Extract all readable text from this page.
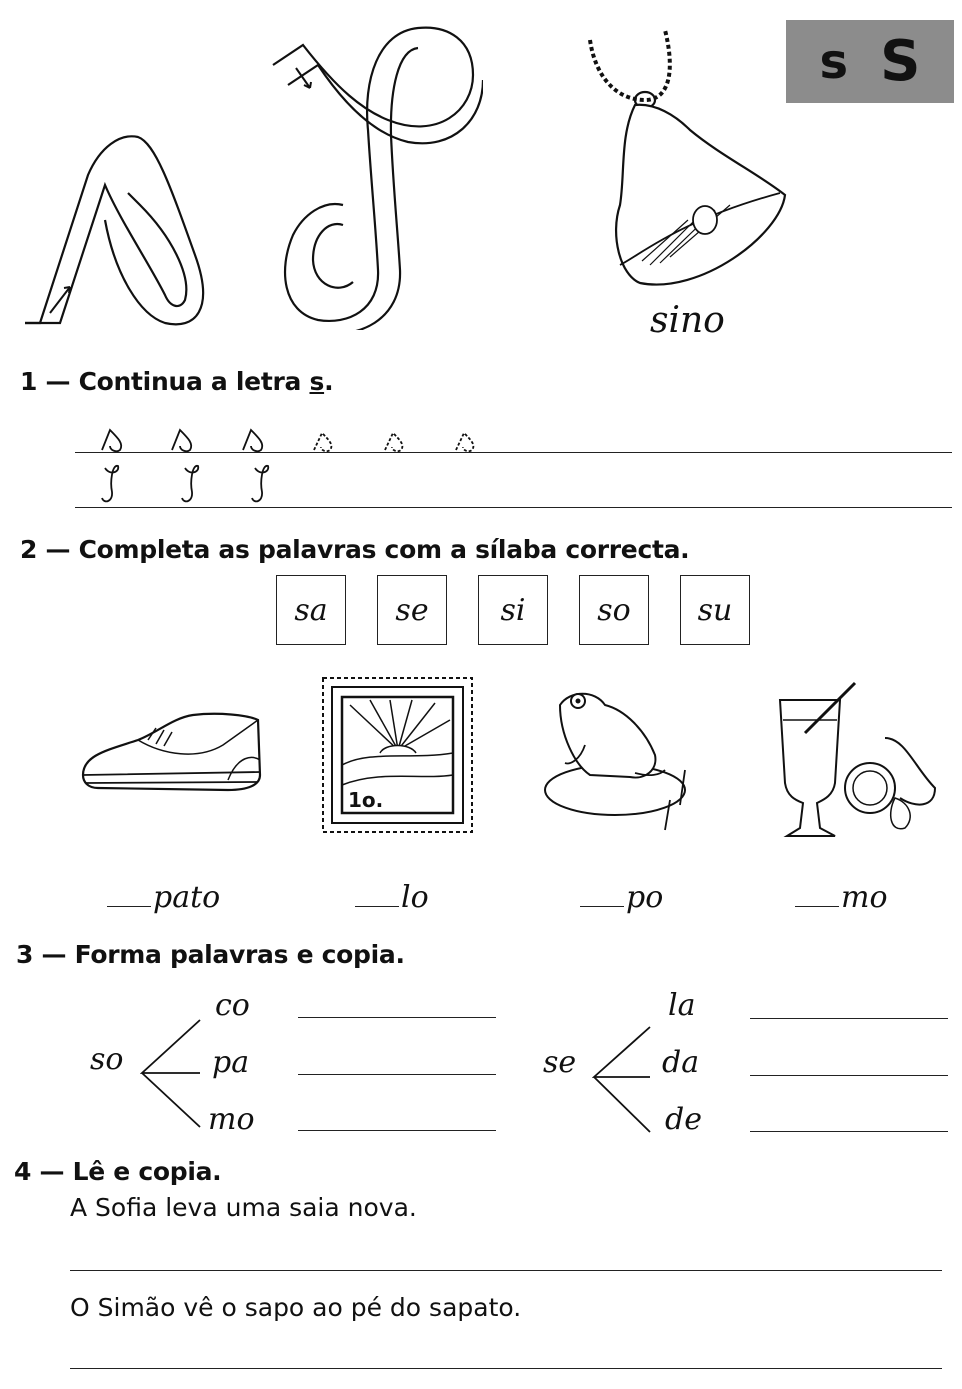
sino
s S
1 — Continua a letra s.
2 — Completa as palavras com a sílaba correcta.
sa	se	si	so	su
1o.
pato	lo	po	mo
3 — Forma palavras e copia.
so
co
pa
mo
se
la
da
de
4 — Lê e copia.
A Sofia leva uma saia nova.
O Simão vê o sapo ao pé do sapato.
